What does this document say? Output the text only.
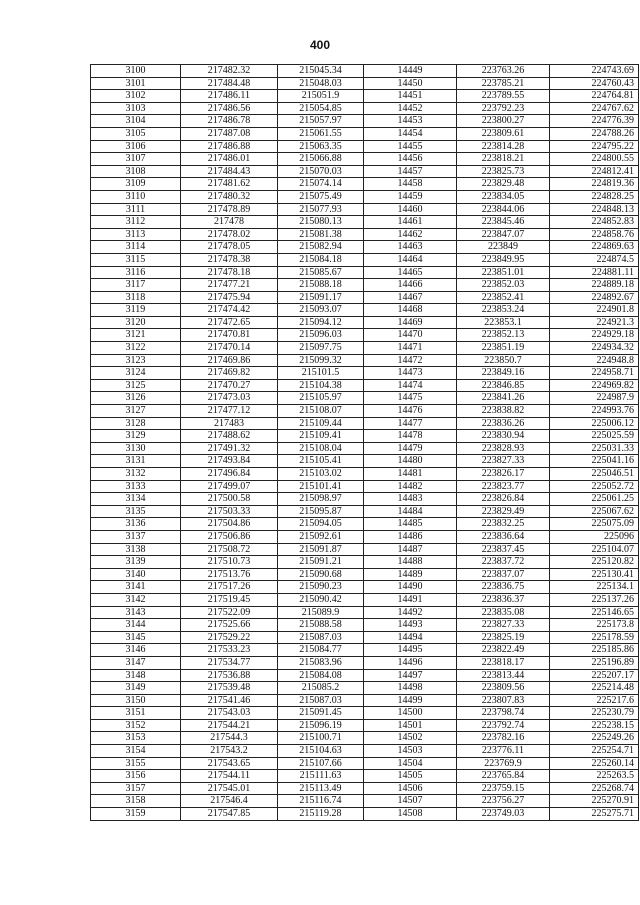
400
3100	217482.32	215045.34	14449	223763.26	224743.69
3101	217484.48	215048.03	14450	223785.21	224760.43
3102	217486.11	215051.9	14451	223789.55	224764.81
3103	217486.56	215054.85	14452	223792.23	224767.62
3104	217486.78	215057.97	14453	223800.27	224776.39
3105	217487.08	215061.55	14454	223809.61	224788.26
3106	217486.88	215063.35	14455	223814.28	224795.22
3107	217486.01	215066.88	14456	223818.21	224800.55
3108	217484.43	215070.03	14457	223825.73	224812.41
3109	217481.62	215074.14	14458	223829.48	224819.36
3110	217480.32	215075.49	14459	223834.05	224828.25
3111	217478.89	215077.93	14460	223844.06	224848.13
3112	217478	215080.13	14461	223845.46	224852.83
3113	217478.02	215081.38	14462	223847.07	224858.76
3114	217478.05	215082.94	14463	223849	224869.63
3115	217478.38	215084.18	14464	223849.95	224874.5
3116	217478.18	215085.67	14465	223851.01	224881.11
3117	217477.21	215088.18	14466	223852.03	224889.18
3118	217475.94	215091.17	14467	223852.41	224892.67
3119	217474.42	215093.07	14468	223853.24	224901.8
3120	217472.65	215094.12	14469	223853.1	224921.3
3121	217470.81	215096.03	14470	223852.13	224929.18
3122	217470.14	215097.75	14471	223851.19	224934.32
3123	217469.86	215099.32	14472	223850.7	224948.8
3124	217469.82	215101.5	14473	223849.16	224958.71
3125	217470.27	215104.38	14474	223846.85	224969.82
3126	217473.03	215105.97	14475	223841.26	224987.9
3127	217477.12	215108.07	14476	223838.82	224993.76
3128	217483	215109.44	14477	223836.26	225006.12
3129	217488.62	215109.41	14478	223830.94	225025.59
3130	217491.32	215108.04	14479	223828.93	225031.33
3131	217493.84	215105.41	14480	223827.33	225041.16
3132	217496.84	215103.02	14481	223826.17	225046.51
3133	217499.07	215101.41	14482	223823.77	225052.72
3134	217500.58	215098.97	14483	223826.84	225061.25
3135	217503.33	215095.87	14484	223829.49	225067.62
3136	217504.86	215094.05	14485	223832.25	225075.09
3137	217506.86	215092.61	14486	223836.64	225096
3138	217508.72	215091.87	14487	223837.45	225104.07
3139	217510.73	215091.21	14488	223837.72	225120.82
3140	217513.76	215090.68	14489	223837.07	225130.41
3141	217517.26	215090.23	14490	223836.75	225134.1
3142	217519.45	215090.42	14491	223836.37	225137.26
3143	217522.09	215089.9	14492	223835.08	225146.65
3144	217525.66	215088.58	14493	223827.33	225173.8
3145	217529.22	215087.03	14494	223825.19	225178.59
3146	217533.23	215084.77	14495	223822.49	225185.86
3147	217534.77	215083.96	14496	223818.17	225196.89
3148	217536.88	215084.08	14497	223813.44	225207.17
3149	217539.48	215085.2	14498	223809.56	225214.48
3150	217541.46	215087.03	14499	223807.83	225217.6
3151	217543.03	215091.45	14500	223798.74	225230.79
3152	217544.21	215096.19	14501	223792.74	225238.15
3153	217544.3	215100.71	14502	223782.16	225249.26
3154	217543.2	215104.63	14503	223776.11	225254.71
3155	217543.65	215107.66	14504	223769.9	225260.14
3156	217544.11	215111.63	14505	223765.84	225263.5
3157	217545.01	215113.49	14506	223759.15	225268.74
3158	217546.4	215116.74	14507	223756.27	225270.91
3159	217547.85	215119.28	14508	223749.03	225275.71
